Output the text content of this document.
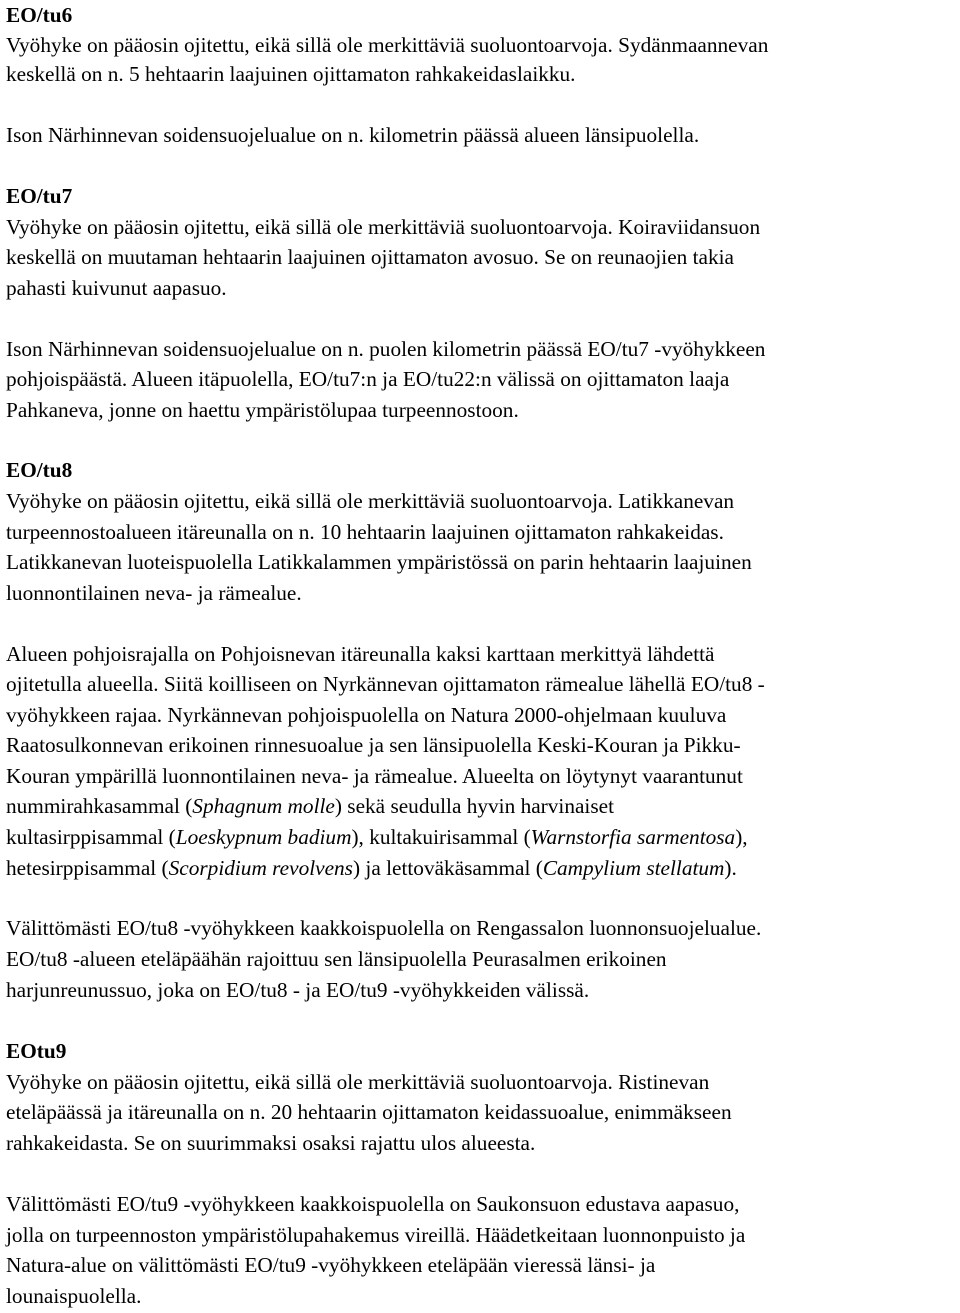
EO/tu6
Vyöhyke on pääosin ojitettu, eikä sillä ole merkittäviä suoluontoarvoja. Sydänmaannevan
keskellä on n. 5 hehtaarin laajuinen ojittamaton rahkakeidaslaikku.
Ison Närhinnevan soidensuojelualue on n. kilometrin päässä alueen länsipuolella.
EO/tu7
Vyöhyke on pääosin ojitettu, eikä sillä ole merkittäviä suoluontoarvoja. Koiraviidansuon
keskellä on muutaman hehtaarin laajuinen ojittamaton avosuo. Se on reunaojien takia
pahasti kuivunut aapasuo.
Ison Närhinnevan soidensuojelualue on n. puolen kilometrin päässä EO/tu7 -vyöhykkeen
pohjoispäästä. Alueen itäpuolella, EO/tu7:n ja EO/tu22:n välissä on ojittamaton laaja
Pahkaneva, jonne on haettu ympäristölupaa turpeennostoon.
EO/tu8
Vyöhyke on pääosin ojitettu, eikä sillä ole merkittäviä suoluontoarvoja. Latikkanevan
turpeennostoalueen itäreunalla on n. 10 hehtaarin laajuinen ojittamaton rahkakeidas.
Latikkanevan luoteispuolella Latikkalammen ympäristössä on parin hehtaarin laajuinen
luonnontilainen neva- ja rämealue.
Alueen pohjoisrajalla on Pohjoisnevan itäreunalla kaksi karttaan merkittyä lähdettä
ojitetulla alueella. Siitä koilliseen on Nyrkännevan ojittamaton rämealue lähellä EO/tu8 -
vyöhykkeen rajaa. Nyrkännevan pohjoispuolella on Natura 2000-ohjelmaan kuuluva
Raatosulkonnevan erikoinen rinnesuoalue ja sen länsipuolella Keski-Kouran ja Pikku-
Kouran ympärillä luonnontilainen neva- ja rämealue. Alueelta on löytynyt vaarantunut
nummirahkasammal (Sphagnum molle) sekä seudulla hyvin harvinaiset
kultasirppisammal (Loeskypnum badium), kultakuirisammal (Warnstorfia sarmentosa),
hetesirppisammal (Scorpidium revolvens) ja lettoväkäsammal (Campylium stellatum).
Välittömästi EO/tu8 -vyöhykkeen kaakkoispuolella on Rengassalon luonnonsuojelualue.
EO/tu8 -alueen eteläpäähän rajoittuu sen länsipuolella Peurasalmen erikoinen
harjunreunussuo, joka on EO/tu8 - ja EO/tu9 -vyöhykkeiden välissä.
EOtu9
Vyöhyke on pääosin ojitettu, eikä sillä ole merkittäviä suoluontoarvoja. Ristinevan
eteläpäässä ja itäreunalla on n. 20 hehtaarin ojittamaton keidassuoalue, enimmäkseen
rahkakeidasta. Se on suurimmaksi osaksi rajattu ulos alueesta.
Välittömästi EO/tu9 -vyöhykkeen kaakkoispuolella on Saukonsuon edustava aapasuo,
jolla on turpeennoston ympäristölupahakemus vireillä. Häädetkeitaan luonnonpuisto ja
Natura-alue on välittömästi EO/tu9 -vyöhykkeen eteläpään vieressä länsi- ja
lounaispuolella.
